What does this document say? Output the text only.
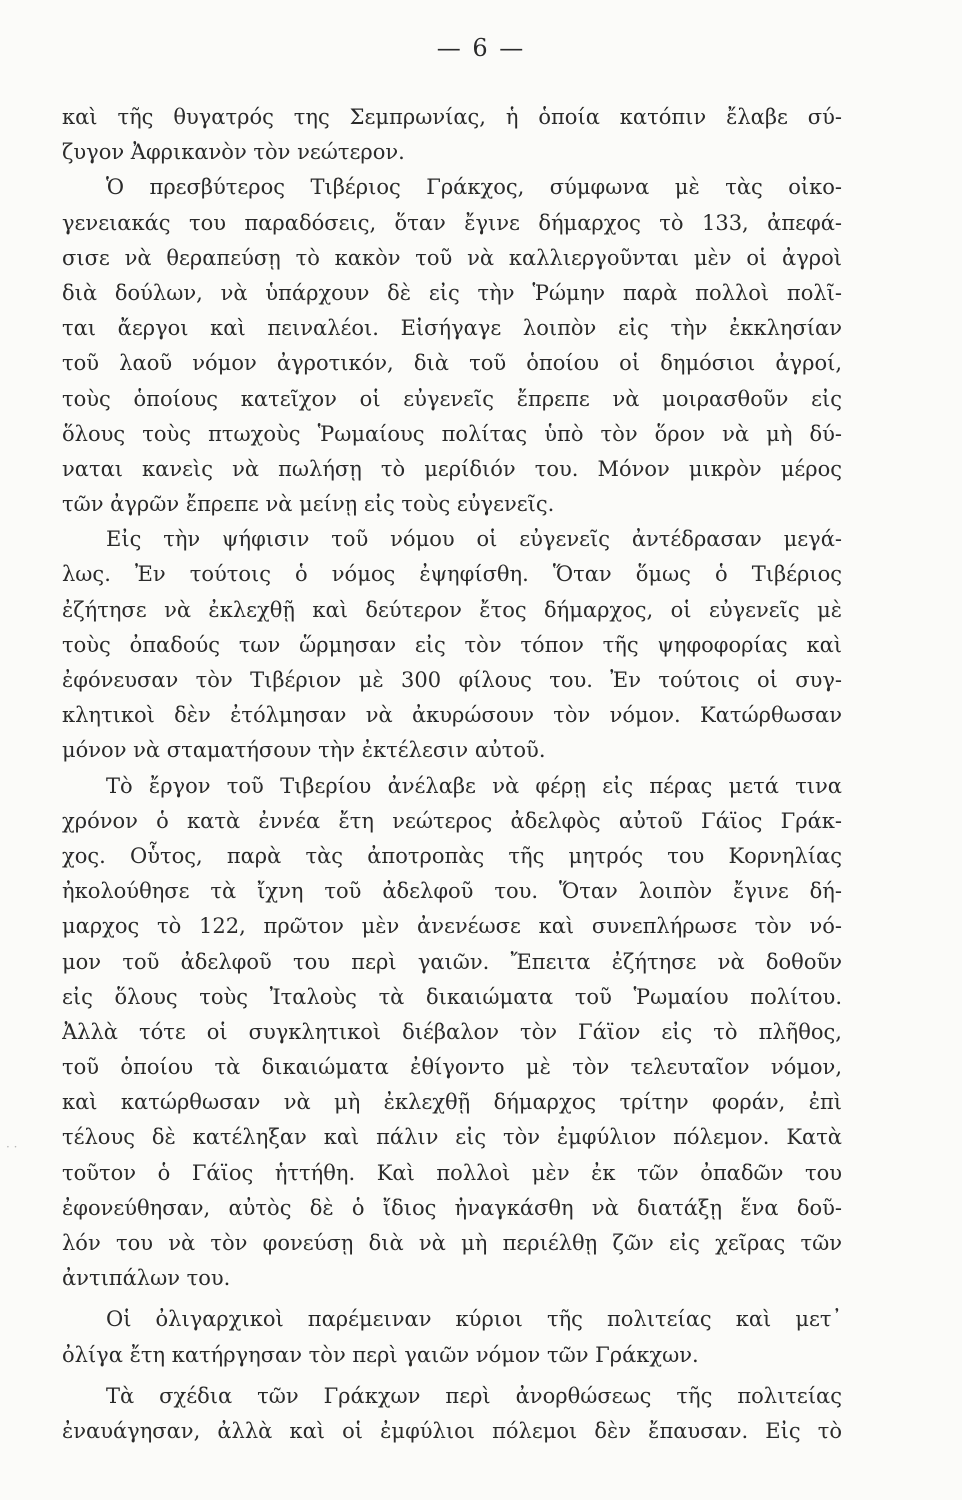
— 6 —
· ·
καὶ τῆς θυγατρός της Σεμπρωνίας, ἡ ὁποία κατόπιν ἔλαβε σύ-
ζυγον Ἀφρικανὸν τὸν νεώτερον.
Ὁ πρεσβύτερος Τιβέριος Γράκχος, σύμφωνα μὲ τὰς οἰκο-
γενειακάς του παραδόσεις, ὅταν ἔγινε δήμαρχος τὸ 133, ἀπεφά-
σισε νὰ θεραπεύσῃ τὸ κακὸν τοῦ νὰ καλλιεργοῦνται μὲν οἱ ἀγροὶ
διὰ δούλων, νὰ ὑπάρχουν δὲ εἰς τὴν Ῥώμην παρὰ πολλοὶ πολῖ-
ται ἄεργοι καὶ πειναλέοι. Εἰσήγαγε λοιπὸν εἰς τὴν ἐκκλησίαν
τοῦ λαοῦ νόμον ἀγροτικόν, διὰ τοῦ ὁποίου οἱ δημόσιοι ἀγροί,
τοὺς ὁποίους κατεῖχον οἱ εὐγενεῖς ἔπρεπε νὰ μοιρασθοῦν εἰς
ὅλους τοὺς πτωχοὺς Ῥωμαίους πολίτας ὑπὸ τὸν ὅρον νὰ μὴ δύ-
ναται κανεὶς νὰ πωλήσῃ τὸ μερίδιόν του. Μόνον μικρὸν μέρος
τῶν ἀγρῶν ἔπρεπε νὰ μείνῃ εἰς τοὺς εὐγενεῖς.
Εἰς τὴν ψήφισιν τοῦ νόμου οἱ εὐγενεῖς ἀντέδρασαν μεγά-
λως. Ἐν τούτοις ὁ νόμος ἐψηφίσθη. Ὅταν ὅμως ὁ Τιβέριος
ἐζήτησε νὰ ἐκλεχθῇ καὶ δεύτερον ἔτος δήμαρχος, οἱ εὐγενεῖς μὲ
τοὺς ὀπαδούς των ὥρμησαν εἰς τὸν τόπον τῆς ψηφοφορίας καὶ
ἐφόνευσαν τὸν Τιβέριον μὲ 300 φίλους του. Ἐν τούτοις οἱ συγ-
κλητικοὶ δὲν ἐτόλμησαν νὰ ἀκυρώσουν τὸν νόμον. Κατώρθωσαν
μόνον νὰ σταματήσουν τὴν ἐκτέλεσιν αὐτοῦ.
Τὸ ἔργον τοῦ Τιβερίου ἀνέλαβε νὰ φέρῃ εἰς πέρας μετά τινα
χρόνον ὁ κατὰ ἐννέα ἔτη νεώτερος ἀδελφὸς αὐτοῦ Γάϊος Γράκ-
χος. Οὗτος, παρὰ τὰς ἀποτροπὰς τῆς μητρός του Κορνηλίας
ἠκολούθησε τὰ ἴχνη τοῦ ἀδελφοῦ του. Ὅταν λοιπὸν ἔγινε δή-
μαρχος τὸ 122, πρῶτον μὲν ἀνενέωσε καὶ συνεπλήρωσε τὸν νό-
μον τοῦ ἀδελφοῦ του περὶ γαιῶν. Ἔπειτα ἐζήτησε νὰ δοθοῦν
εἰς ὅλους τοὺς Ἰταλοὺς τὰ δικαιώματα τοῦ Ῥωμαίου πολίτου.
Ἀλλὰ τότε οἱ συγκλητικοὶ διέβαλον τὸν Γάϊον εἰς τὸ πλῆθος,
τοῦ ὁποίου τὰ δικαιώματα ἐθίγοντο μὲ τὸν τελευταῖον νόμον,
καὶ κατώρθωσαν νὰ μὴ ἐκλεχθῇ δήμαρχος τρίτην φοράν, ἐπὶ
τέλους δὲ κατέληξαν καὶ πάλιν εἰς τὸν ἐμφύλιον πόλεμον. Κατὰ
τοῦτον ὁ Γάϊος ἡττήθη. Καὶ πολλοὶ μὲν ἐκ τῶν ὀπαδῶν του
ἐφονεύθησαν, αὐτὸς δὲ ὁ ἴδιος ἠναγκάσθη νὰ διατάξῃ ἕνα δοῦ-
λόν του νὰ τὸν φονεύσῃ διὰ νὰ μὴ περιέλθῃ ζῶν εἰς χεῖρας τῶν
ἀντιπάλων του.
Οἱ ὀλιγαρχικοὶ παρέμειναν κύριοι τῆς πολιτείας καὶ μετ᾽
ὀλίγα ἔτη κατήργησαν τὸν περὶ γαιῶν νόμον τῶν Γράκχων.
Τὰ σχέδια τῶν Γράκχων περὶ ἀνορθώσεως τῆς πολιτείας
ἐναυάγησαν, ἀλλὰ καὶ οἱ ἐμφύλιοι πόλεμοι δὲν ἔπαυσαν. Εἰς τὸ
